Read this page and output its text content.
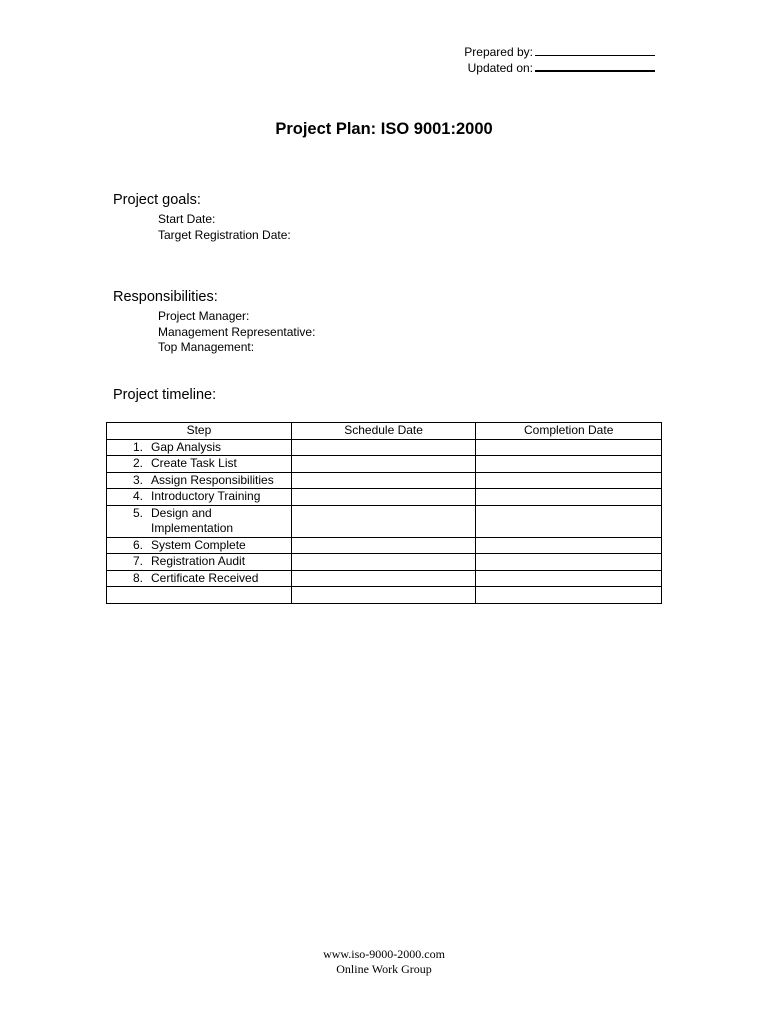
Prepared by:
Updated on:
Project Plan: ISO 9001:2000
Project goals:
Start Date:
Target Registration Date:
Responsibilities:
Project Manager:
Management Representative:
Top Management:
Project timeline:
Step	Schedule Date	Completion Date

1. Gap Analysis		

2. Create Task List		

3. Assign Responsibilities		

4. Introductory Training		

5. Design and Implementation		

6. System Complete		

7. Registration Audit		

8. Certificate Received		

www.iso-9000-2000.com
Online Work Group
